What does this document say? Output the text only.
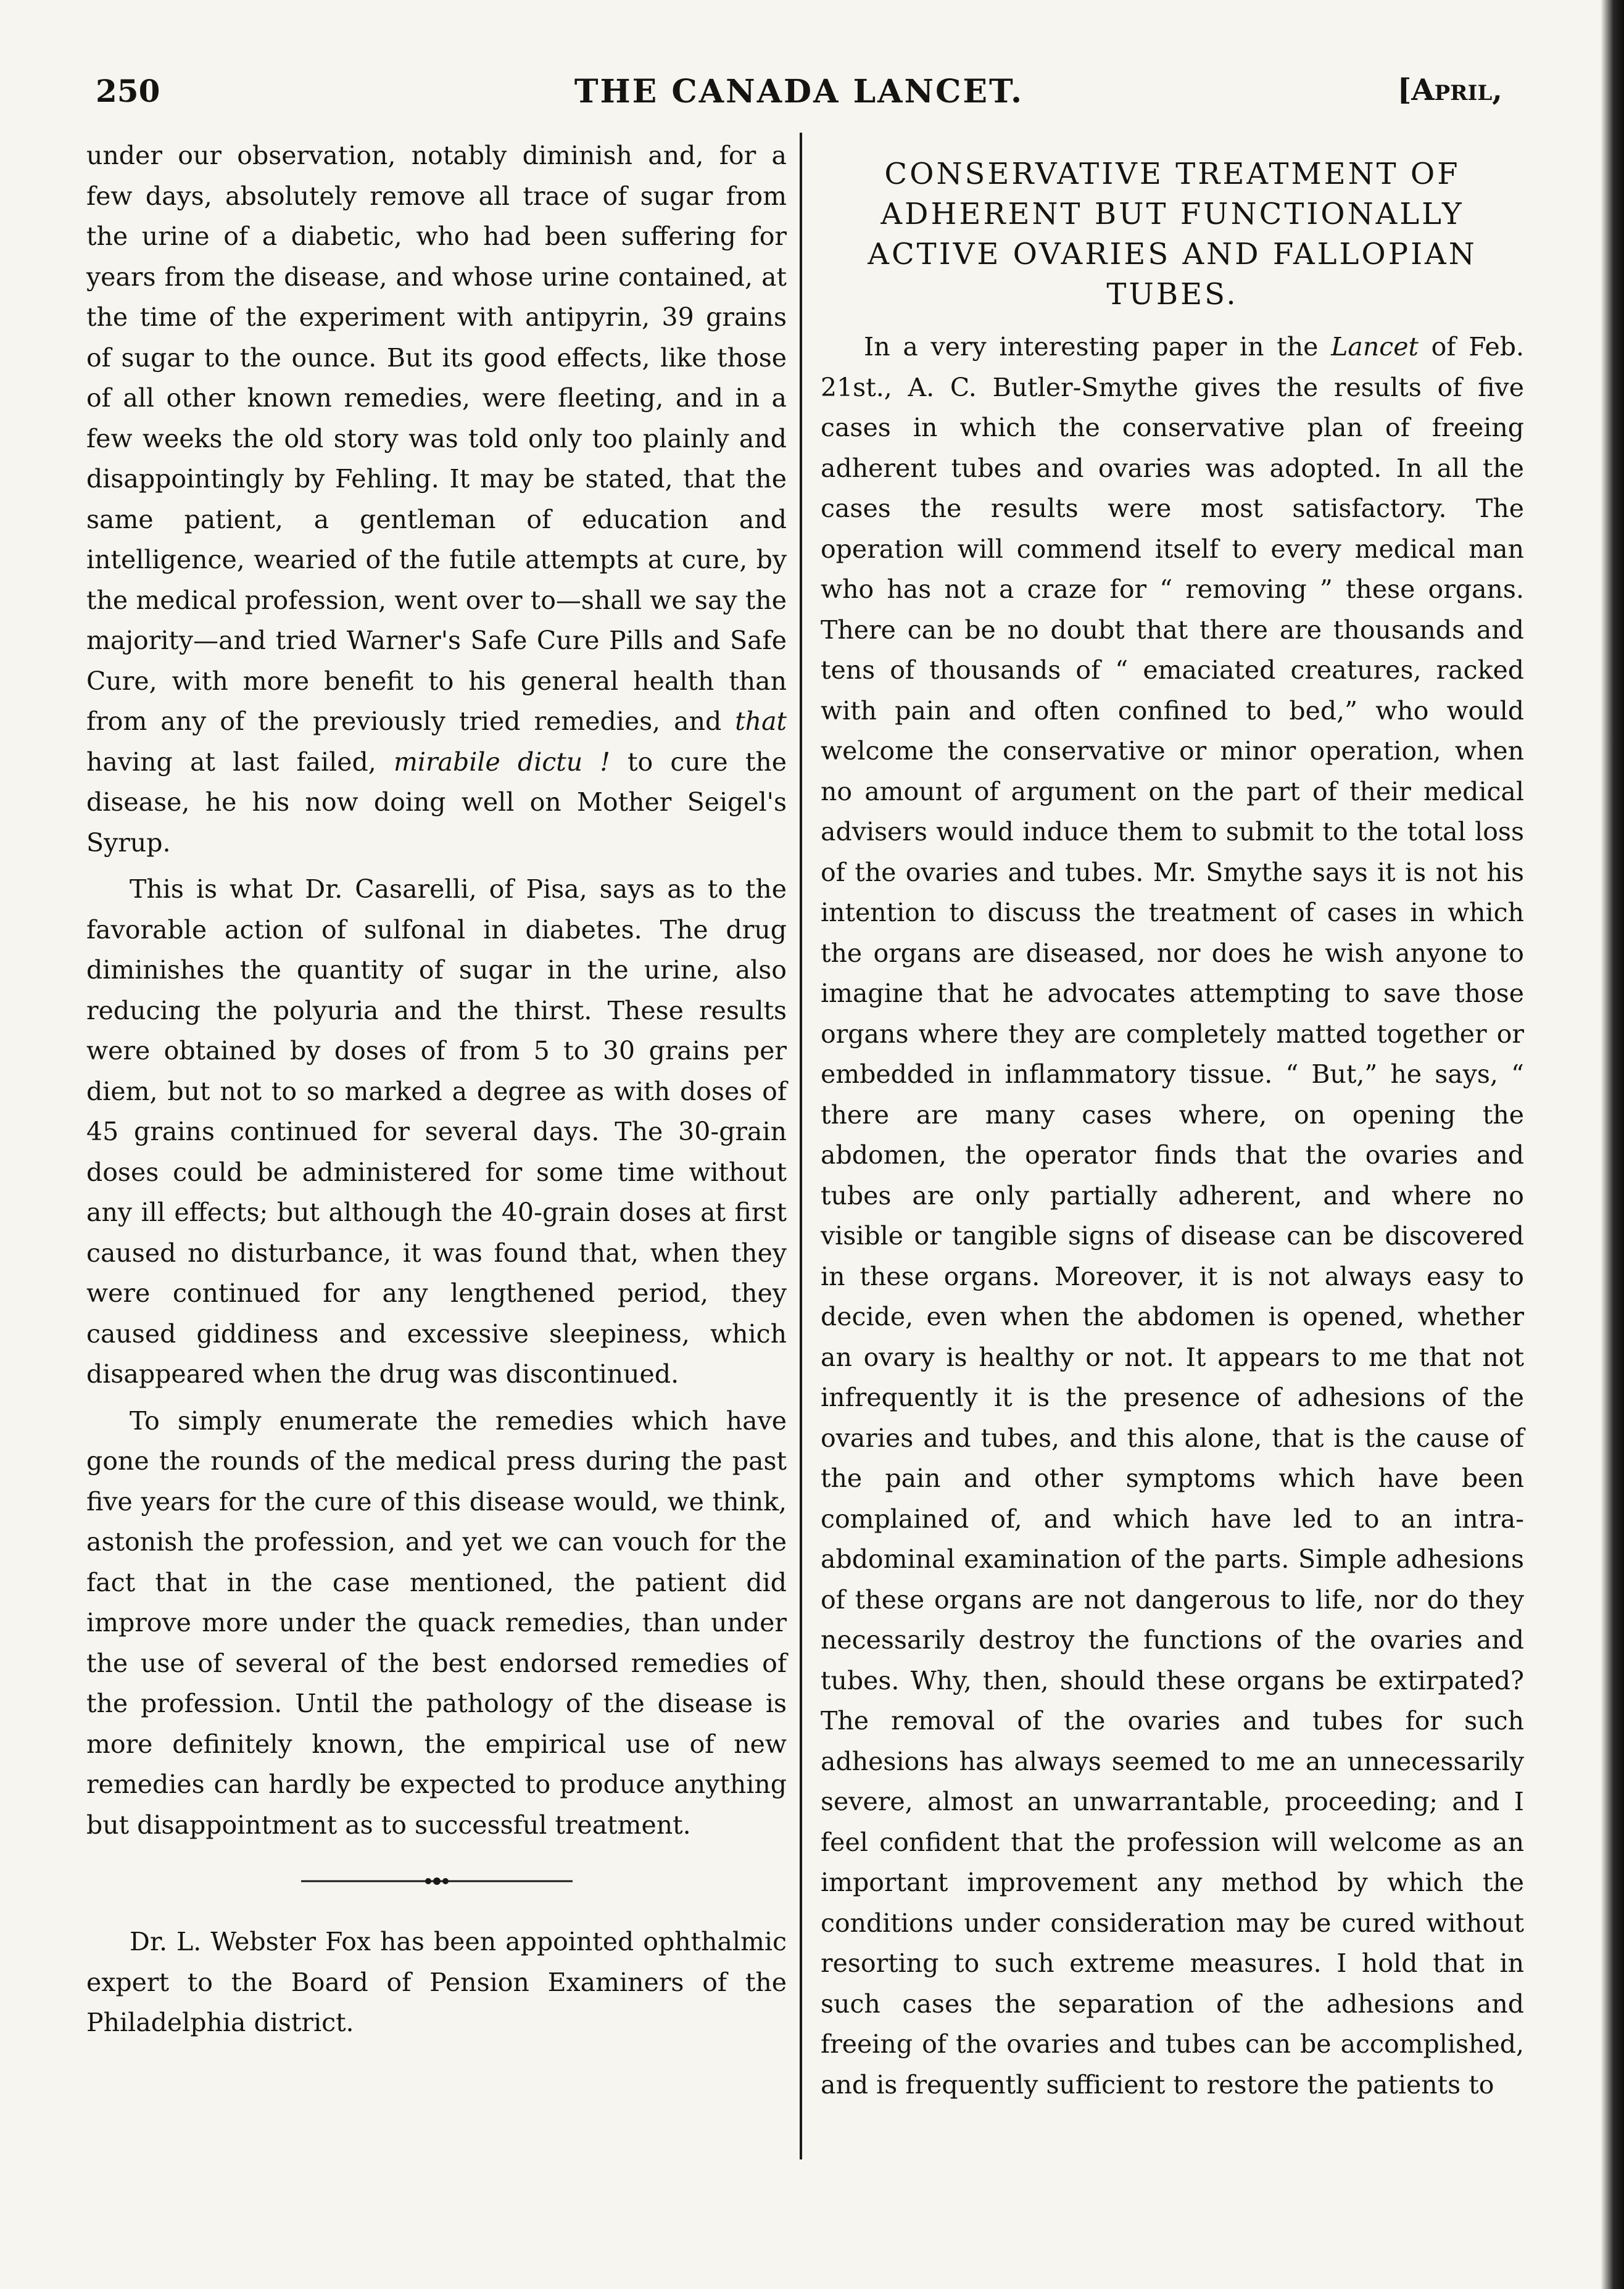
250	THE CANADA LANCET.	[April,

under our observation, notably diminish and, for a few days, absolutely remove all trace of sugar from the urine of a diabetic, who had been suffering for years from the disease, and whose urine contained, at the time of the experiment with antipyrin, 39 grains of sugar to the ounce. But its good effects, like those of all other known remedies, were fleeting, and in a few weeks the old story was told only too plainly and disappointingly by Fehling. It may be stated, that the same patient, a gentleman of education and intelligence, wearied of the futile attempts at cure, by the medical profession, went over to—shall we say the majority—and tried Warner's Safe Cure Pills and Safe Cure, with more benefit to his general health than from any of the previously tried remedies, and that having at last failed, mirabile dictu ! to cure the disease, he his now doing well on Mother Seigel's Syrup.

This is what Dr. Casarelli, of Pisa, says as to the favorable action of sulfonal in diabetes. The drug diminishes the quantity of sugar in the urine, also reducing the polyuria and the thirst. These results were obtained by doses of from 5 to 30 grains per diem, but not to so marked a degree as with doses of 45 grains continued for several days. The 30-grain doses could be administered for some time without any ill effects; but although the 40-grain doses at first caused no disturbance, it was found that, when they were continued for any lengthened period, they caused giddiness and excessive sleepiness, which disappeared when the drug was discontinued.

To simply enumerate the remedies which have gone the rounds of the medical press during the past five years for the cure of this disease would, we think, astonish the profession, and yet we can vouch for the fact that in the case mentioned, the patient did improve more under the quack remedies, than under the use of several of the best endorsed remedies of the profession. Until the pathology of the disease is more definitely known, the empirical use of new remedies can hardly be expected to produce anything but disappointment as to successful treatment.

Dr. L. Webster Fox has been appointed ophthalmic expert to the Board of Pension Examiners of the Philadelphia district.

CONSERVATIVE TREATMENT OF ADHERENT BUT FUNCTIONALLY ACTIVE OVARIES AND FALLOPIAN TUBES.

In a very interesting paper in the Lancet of Feb. 21st., A. C. Butler-Smythe gives the results of five cases in which the conservative plan of freeing adherent tubes and ovaries was adopted. In all the cases the results were most satisfactory. The operation will commend itself to every medical man who has not a craze for “ removing ” these organs. There can be no doubt that there are thousands and tens of thousands of “ emaciated creatures, racked with pain and often confined to bed,” who would welcome the conservative or minor operation, when no amount of argument on the part of their medical advisers would induce them to submit to the total loss of the ovaries and tubes. Mr. Smythe says it is not his intention to discuss the treatment of cases in which the organs are diseased, nor does he wish anyone to imagine that he advocates attempting to save those organs where they are completely matted together or embedded in inflammatory tissue. “ But,” he says, “ there are many cases where, on opening the abdomen, the operator finds that the ovaries and tubes are only partially adherent, and where no visible or tangible signs of disease can be discovered in these organs. Moreover, it is not always easy to decide, even when the abdomen is opened, whether an ovary is healthy or not. It appears to me that not infrequently it is the presence of adhesions of the ovaries and tubes, and this alone, that is the cause of the pain and other symptoms which have been complained of, and which have led to an intra-abdominal examination of the parts. Simple adhesions of these organs are not dangerous to life, nor do they necessarily destroy the functions of the ovaries and tubes. Why, then, should these organs be extirpated? The removal of the ovaries and tubes for such adhesions has always seemed to me an unnecessarily severe, almost an unwarrantable, proceeding; and I feel confident that the profession will welcome as an important improvement any method by which the conditions under consideration may be cured without resorting to such extreme measures. I hold that in such cases the separation of the adhesions and freeing of the ovaries and tubes can be accomplished, and is frequently sufficient to restore the patients to
